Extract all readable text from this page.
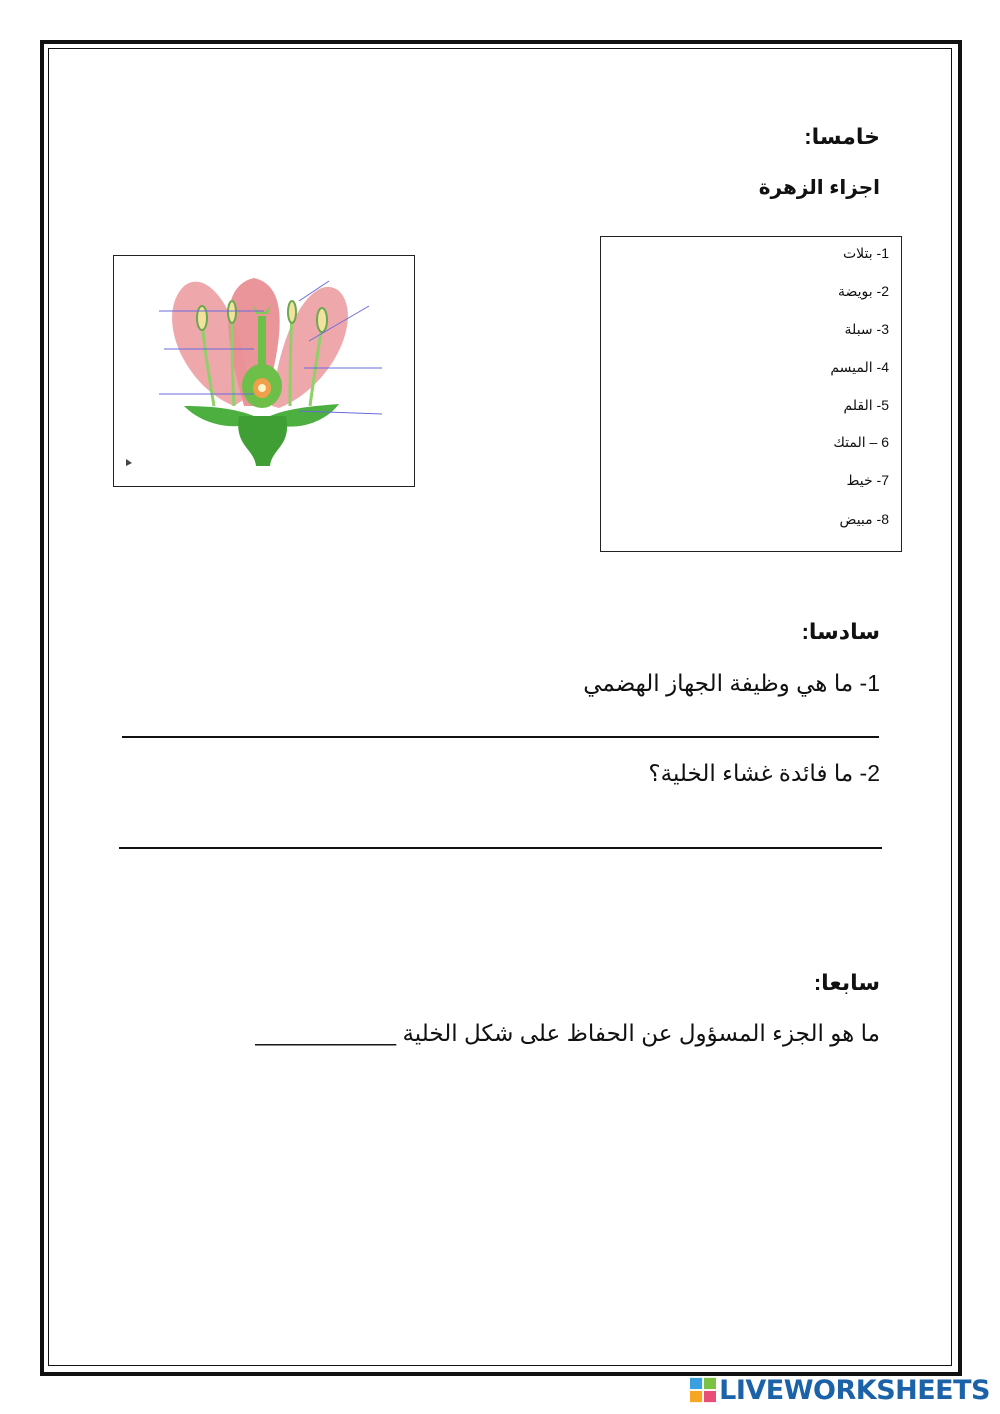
خامسا:
اجزاء الزهرة
1- بتلات
2- بويضة
3- سبلة
4- الميسم
5- القلم
6 – المتك
7- خيط
8- مبيض
سادسا:
1- ما هي وظيفة الجهاز الهضمي
2- ما فائدة غشاء الخلية؟
سابعا:
ما هو الجزء المسؤول عن الحفاظ على شكل الخلية ___________
LIVEWORKSHEETS
